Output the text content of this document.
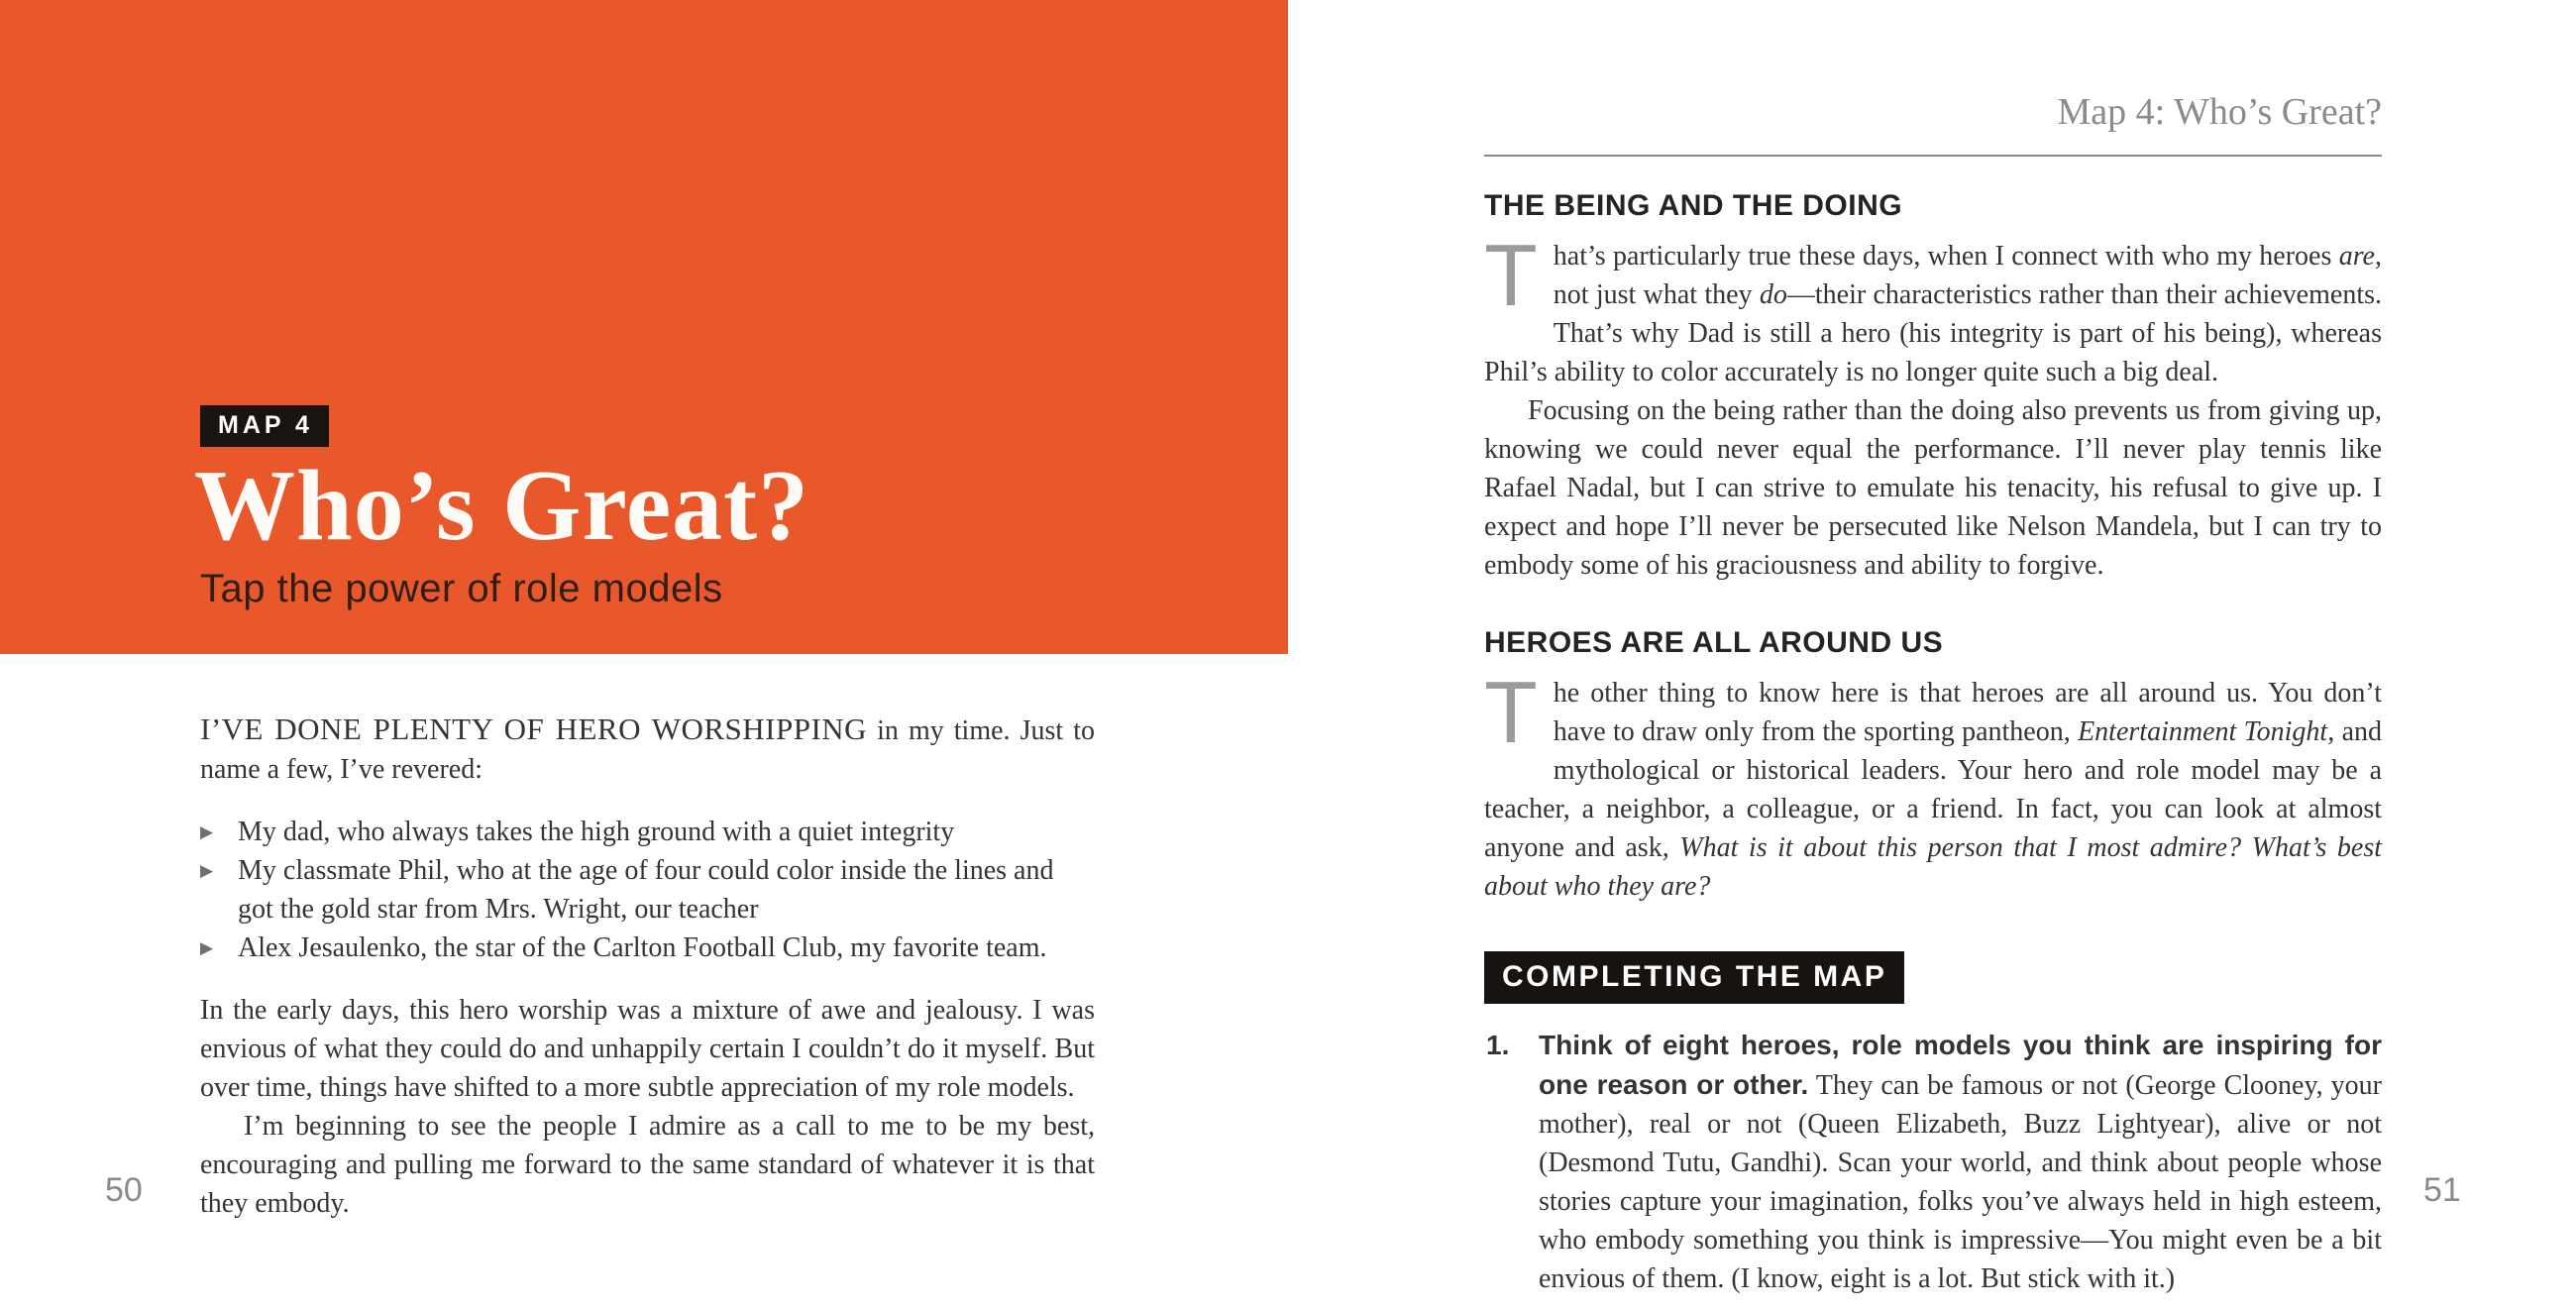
MAP 4
Who’s Great?
Tap the power of role models

I’VE DONE PLENTY OF HERO WORSHIPPING in my time. Just to name a few, I’ve revered:

▶ My dad, who always takes the high ground with a quiet integrity
▶ My classmate Phil, who at the age of four could color inside the lines and got the gold star from Mrs. Wright, our teacher
▶ Alex Jesaulenko, the star of the Carlton Football Club, my favorite team.

In the early days, this hero worship was a mixture of awe and jealousy. I was envious of what they could do and unhappily certain I couldn’t do it myself. But over time, things have shifted to a more subtle appreciation of my role models.

I’m beginning to see the people I admire as a call to me to be my best, encouraging and pulling me forward to the same standard of whatever it is that they embody.

50
Map 4: Who’s Great?
THE BEING AND THE DOING

That’s particularly true these days, when I connect with who my heroes are, not just what they do—their characteristics rather than their achievements. That’s why Dad is still a hero (his integrity is part of his being), whereas Phil’s ability to color accurately is no longer quite such a big deal.

Focusing on the being rather than the doing also prevents us from giving up, knowing we could never equal the performance. I’ll never play tennis like Rafael Nadal, but I can strive to emulate his tenacity, his refusal to give up. I expect and hope I’ll never be persecuted like Nelson Mandela, but I can try to embody some of his graciousness and ability to forgive.

HEROES ARE ALL AROUND US

The other thing to know here is that heroes are all around us. You don’t have to draw only from the sporting pantheon, Entertainment Tonight, and mythological or historical leaders. Your hero and role model may be a teacher, a neighbor, a colleague, or a friend. In fact, you can look at almost anyone and ask, What is it about this person that I most admire? What’s best about who they are?

COMPLETING THE MAP
1. Think of eight heroes, role models you think are inspiring for one reason or other. They can be famous or not (George Clooney, your mother), real or not (Queen Elizabeth, Buzz Lightyear), alive or not (Desmond Tutu, Gandhi). Scan your world, and think about people whose stories capture your imagination, folks you’ve always held in high esteem, who embody something you think is impressive—You might even be a bit envious of them. (I know, eight is a lot. But stick with it.)

51
